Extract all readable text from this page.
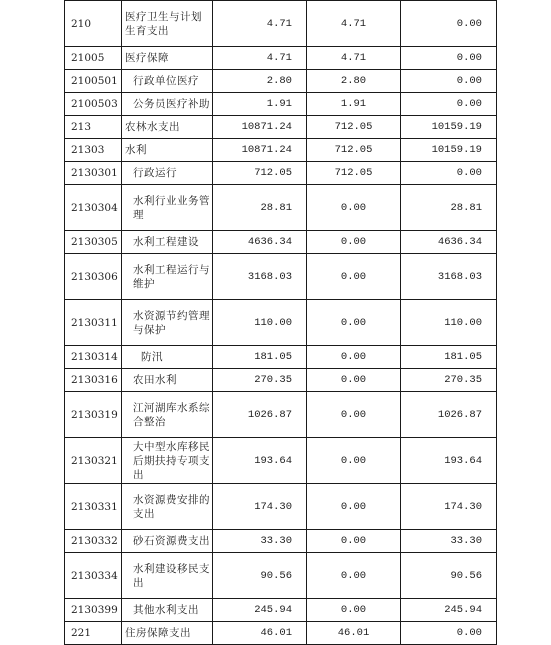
210	医疗卫生与计划生育支出	4.71	4.71	0.00
21005	医疗保障	4.71	4.71	0.00
2100501	行政单位医疗	2.80	2.80	0.00
2100503	公务员医疗补助	1.91	1.91	0.00
213	农林水支出	10871.24	712.05	10159.19
21303	水利	10871.24	712.05	10159.19
2130301	行政运行	712.05	712.05	0.00
2130304	水利行业业务管理	28.81	0.00	28.81
2130305	水利工程建设	4636.34	0.00	4636.34
2130306	水利工程运行与维护	3168.03	0.00	3168.03
2130311	水资源节约管理与保护	110.00	0.00	110.00
2130314	防汛	181.05	0.00	181.05
2130316	农田水利	270.35	0.00	270.35
2130319	江河湖库水系综合整治	1026.87	0.00	1026.87
2130321	大中型水库移民后期扶持专项支出	193.64	0.00	193.64
2130331	水资源费安排的支出	174.30	0.00	174.30
2130332	砂石资源费支出	33.30	0.00	33.30
2130334	水利建设移民支出	90.56	0.00	90.56
2130399	其他水利支出	245.94	0.00	245.94
221	住房保障支出	46.01	46.01	0.00
